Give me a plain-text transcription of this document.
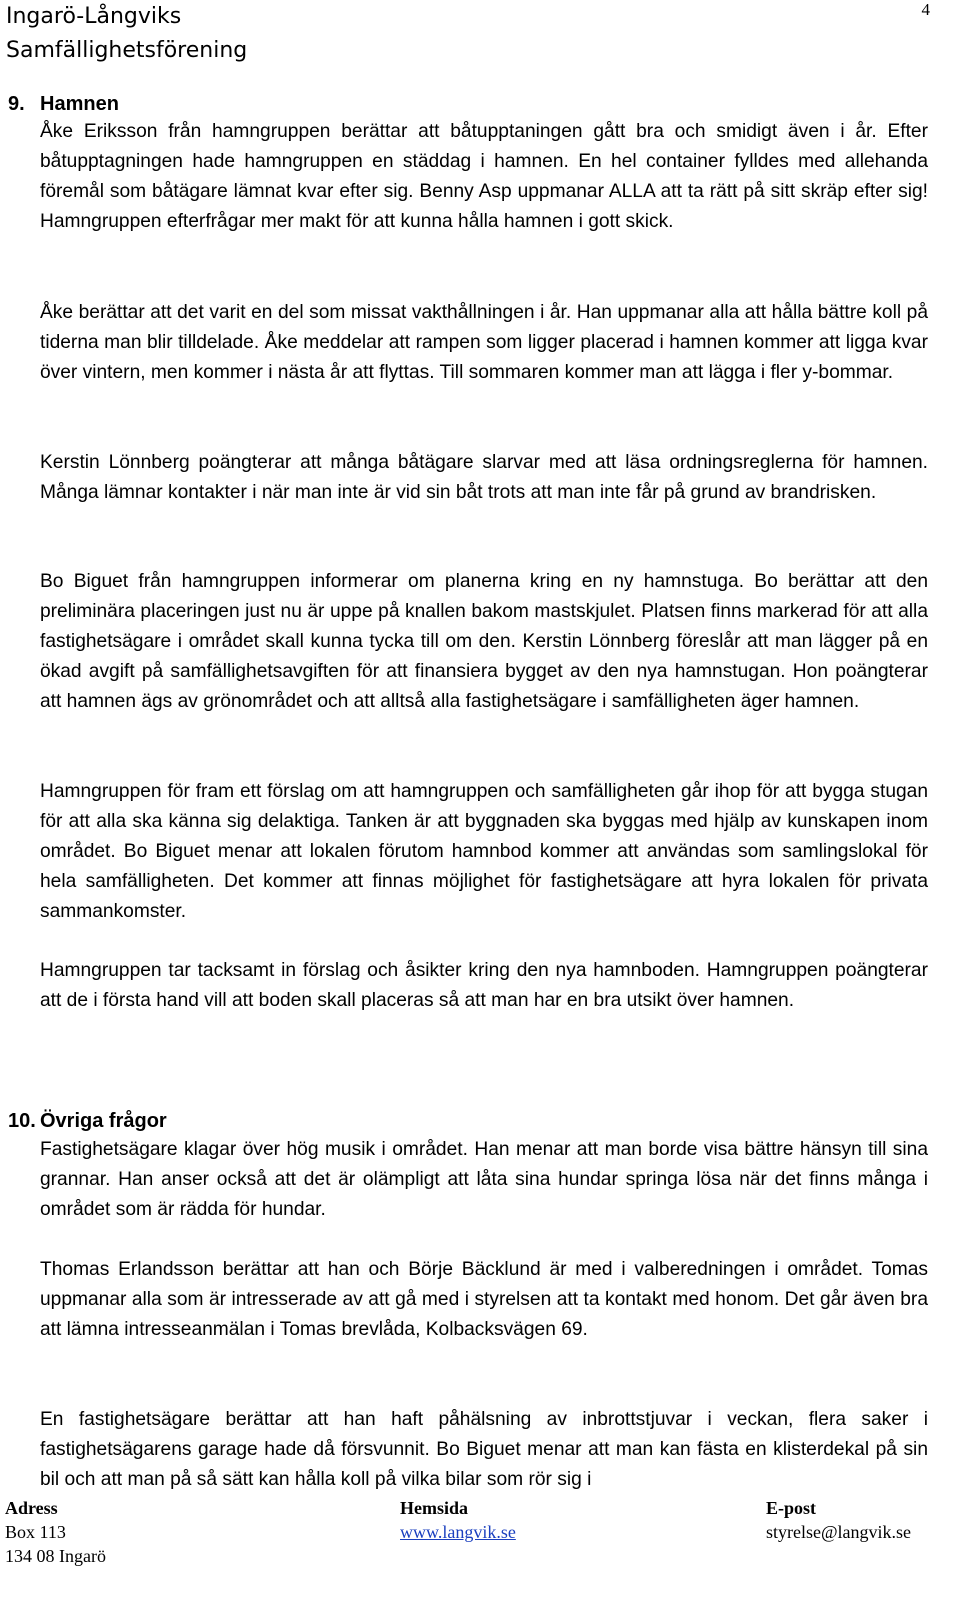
Ingarö-Långviks
Samfällighetsförening
4
9. Hamnen

Åke Eriksson från hamngruppen berättar att båtupptaningen gått bra och smidigt även i år. Efter båtupptagningen hade hamngruppen en städdag i hamnen. En hel container fylldes med allehanda föremål som båtägare lämnat kvar efter sig. Benny Asp uppmanar ALLA att ta rätt på sitt skräp efter sig! Hamngruppen efterfrågar mer makt för att kunna hålla hamnen i gott skick.

Åke berättar att det varit en del som missat vakthållningen i år. Han uppmanar alla att hålla bättre koll på tiderna man blir tilldelade. Åke meddelar att rampen som ligger placerad i hamnen kommer att ligga kvar över vintern, men kommer i nästa år att flyttas. Till sommaren kommer man att lägga i fler y-bommar.

Kerstin Lönnberg poängterar att många båtägare slarvar med att läsa ordningsreglerna för hamnen. Många lämnar kontakter i när man inte är vid sin båt trots att man inte får på grund av brandrisken.

Bo Biguet från hamngruppen informerar om planerna kring en ny hamnstuga. Bo berättar att den preliminära placeringen just nu är uppe på knallen bakom mastskjulet. Platsen finns markerad för att alla fastighetsägare i området skall kunna tycka till om den. Kerstin Lönnberg föreslår att man lägger på en ökad avgift på samfällighetsavgiften för att finansiera bygget av den nya hamnstugan. Hon poängterar att hamnen ägs av grönområdet och att alltså alla fastighetsägare i samfälligheten äger hamnen.

Hamngruppen för fram ett förslag om att hamngruppen och samfälligheten går ihop för att bygga stugan för att alla ska känna sig delaktiga. Tanken är att byggnaden ska byggas med hjälp av kunskapen inom området. Bo Biguet menar att lokalen förutom hamnbod kommer att användas som samlingslokal för hela samfälligheten. Det kommer att finnas möjlighet för fastighetsägare att hyra lokalen för privata sammankomster.

Hamngruppen tar tacksamt in förslag och åsikter kring den nya hamnboden. Hamngruppen poängterar att de i första hand vill att boden skall placeras så att man har en bra utsikt över hamnen.

10. Övriga frågor

Fastighetsägare klagar över hög musik i området. Han menar att man borde visa bättre hänsyn till sina grannar. Han anser också att det är olämpligt att låta sina hundar springa lösa när det finns många i området som är rädda för hundar.

Thomas Erlandsson berättar att han och Börje Bäcklund är med i valberedningen i området. Tomas uppmanar alla som är intresserade av att gå med i styrelsen att ta kontakt med honom. Det går även bra att lämna intresseanmälan i Tomas brevlåda, Kolbacksvägen 69.

En fastighetsägare berättar att han haft påhälsning av inbrottstjuvar i veckan, flera saker i fastighetsägarens garage hade då försvunnit. Bo Biguet menar att man kan fästa en klisterdekal på sin bil och att man på så sätt kan hålla koll på vilka bilar som rör sig i

Adress
Box 113
134 08 Ingarö
Hemsida
www.langvik.se
E-post
styrelse@langvik.se
